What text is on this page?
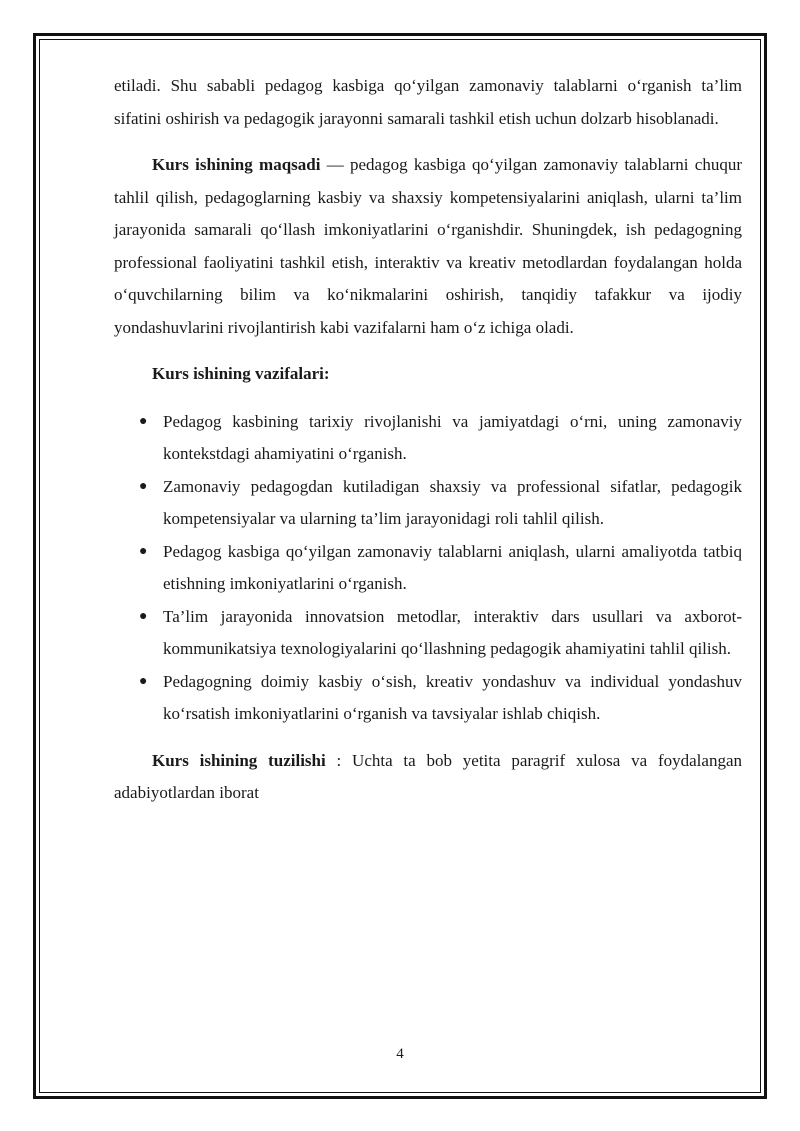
etiladi. Shu sababli pedagog kasbiga qo‘yilgan zamonaviy talablarni o‘rganish ta’lim sifatini oshirish va pedagogik jarayonni samarali tashkil etish uchun dolzarb hisoblanadi.

Kurs ishining maqsadi — pedagog kasbiga qo‘yilgan zamonaviy talablarni chuqur tahlil qilish, pedagoglarning kasbiy va shaxsiy kompetensiyalarini aniqlash, ularni ta’lim jarayonida samarali qo‘llash imkoniyatlarini o‘rganishdir. Shuningdek, ish pedagogning professional faoliyatini tashkil etish, interaktiv va kreativ metodlardan foydalangan holda o‘quvchilarning bilim va ko‘nikmalarini oshirish, tanqidiy tafakkur va ijodiy yondashuvlarini rivojlantirish kabi vazifalarni ham o‘z ichiga oladi.

Kurs ishining vazifalari:

● Pedagog kasbining tarixiy rivojlanishi va jamiyatdagi o‘rni, uning zamonaviy kontekstdagi ahamiyatini o‘rganish.
● Zamonaviy pedagogdan kutiladigan shaxsiy va professional sifatlar, pedagogik kompetensiyalar va ularning ta’lim jarayonidagi roli tahlil qilish.
● Pedagog kasbiga qo‘yilgan zamonaviy talablarni aniqlash, ularni amaliyotda tatbiq etishning imkoniyatlarini o‘rganish.
● Ta’lim jarayonida innovatsion metodlar, interaktiv dars usullari va axborot-kommunikatsiya texnologiyalarini qo‘llashning pedagogik ahamiyatini tahlil qilish.
● Pedagogning doimiy kasbiy o‘sish, kreativ yondashuv va individual yondashuv ko‘rsatish imkoniyatlarini o‘rganish va tavsiyalar ishlab chiqish.

Kurs ishining tuzilishi : Uchta ta bob yetita paragrif xulosa va foydalangan adabiyotlardan iborat

4
